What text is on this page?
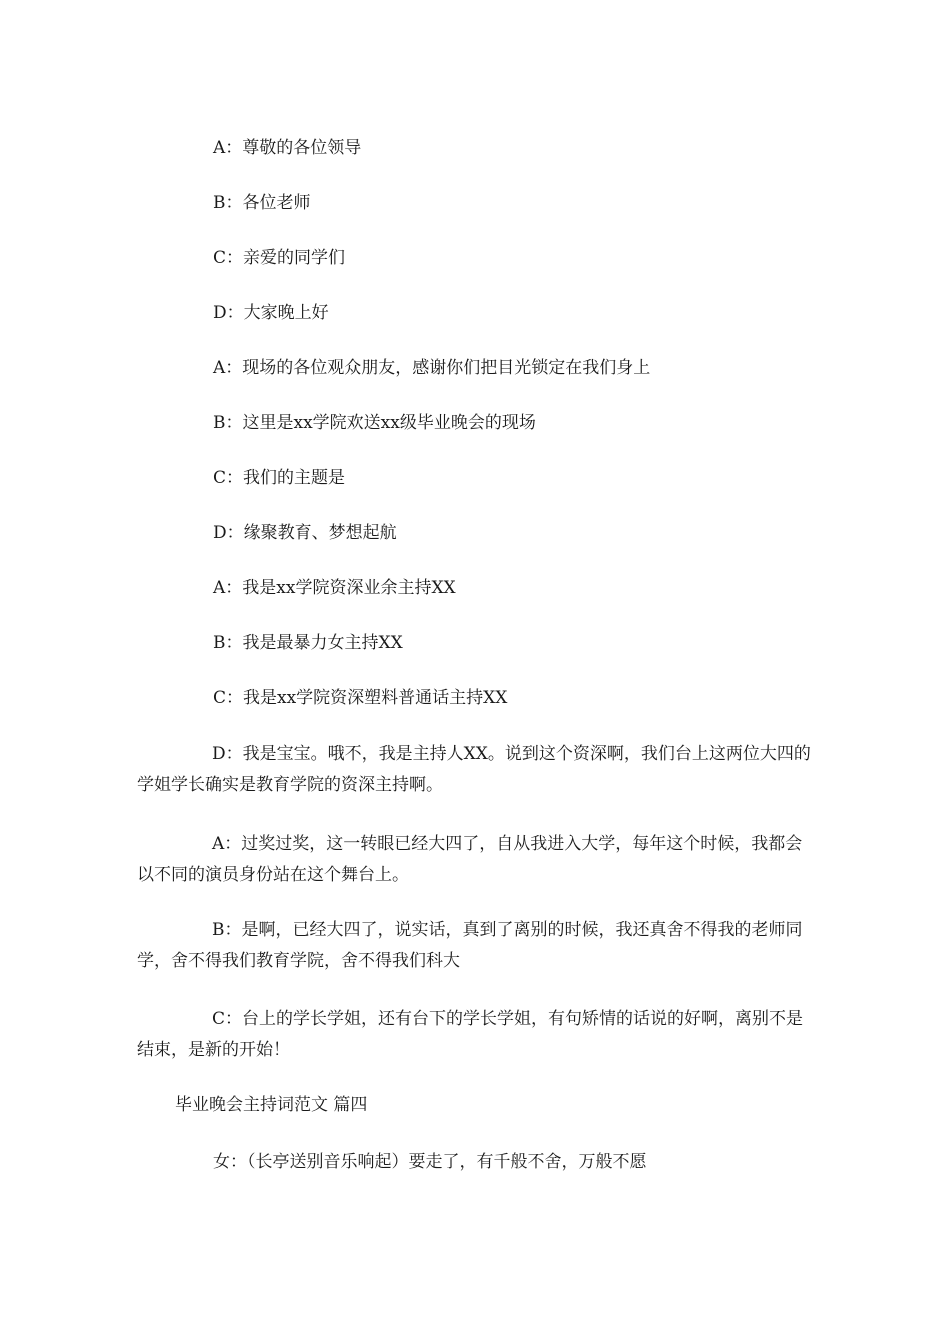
A：尊敬的各位领导

B：各位老师

C：亲爱的同学们

D：大家晚上好

A：现场的各位观众朋友，感谢你们把目光锁定在我们身上

B：这里是xx学院欢送xx级毕业晚会的现场

C：我们的主题是

D：缘聚教育、梦想起航

A：我是xx学院资深业余主持XX

B：我是最暴力女主持XX

C：我是xx学院资深塑料普通话主持XX

D：我是宝宝。哦不，我是主持人XX。说到这个资深啊，我们台上这两位大四的学姐学长确实是教育学院的资深主持啊。

A：过奖过奖，这一转眼已经大四了，自从我进入大学，每年这个时候，我都会以不同的演员身份站在这个舞台上。

B：是啊，已经大四了，说实话，真到了离别的时候，我还真舍不得我的老师同学，舍不得我们教育学院，舍不得我们科大

C：台上的学长学姐，还有台下的学长学姐，有句矫情的话说的好啊，离别不是结束，是新的开始！

毕业晚会主持词范文 篇四

女：（长亭送别音乐响起）要走了，有千般不舍，万般不愿
